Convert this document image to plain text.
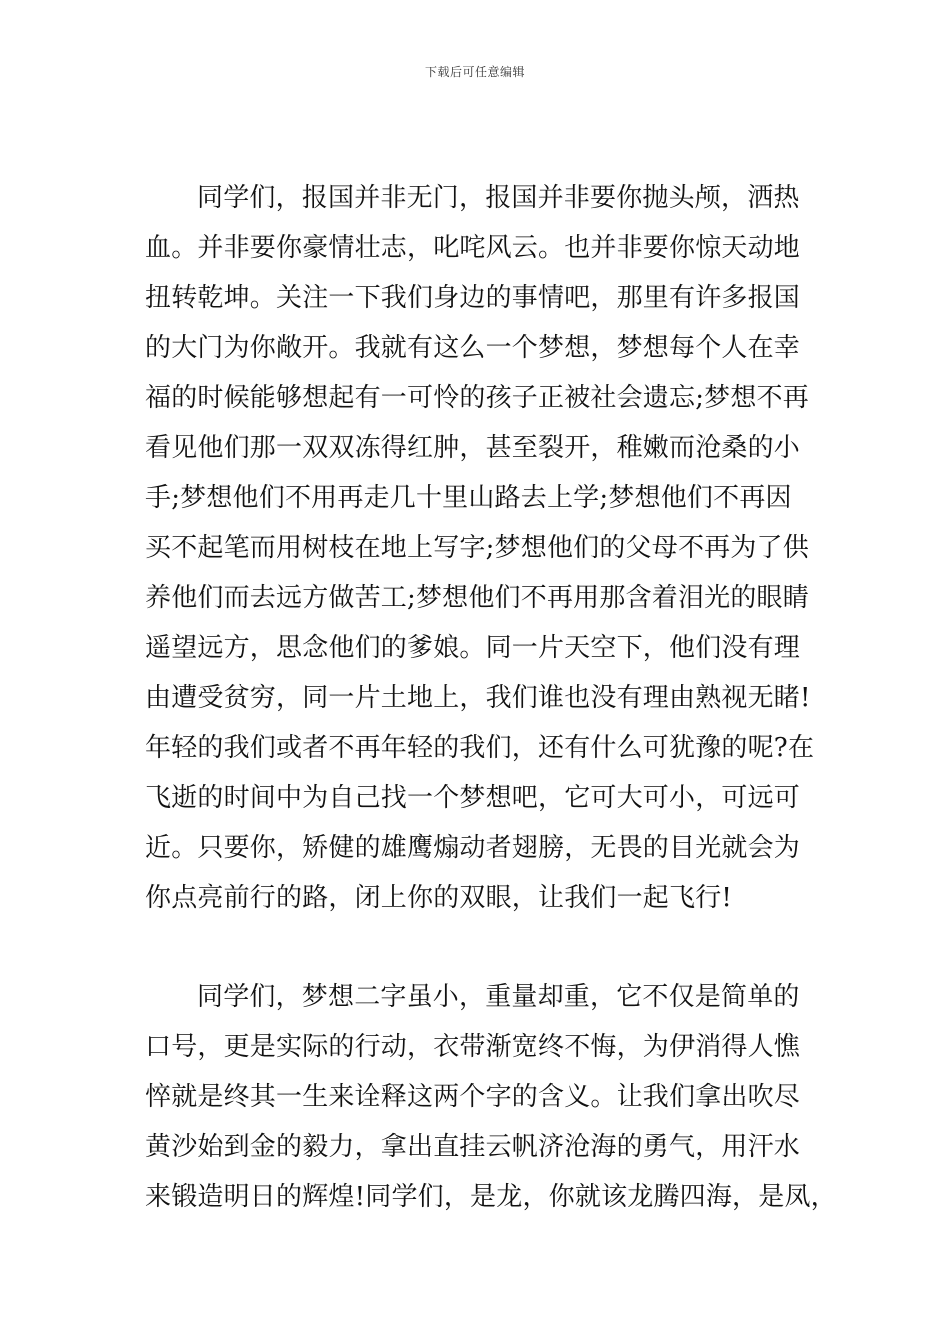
下载后可任意编辑
同学们，报国并非无门，报国并非要你抛头颅，洒热
血。并非要你豪情壮志，叱咤风云。也并非要你惊天动地
扭转乾坤。关注一下我们身边的事情吧，那里有许多报国
的大门为你敞开。我就有这么一个梦想，梦想每个人在幸
福的时候能够想起有一可怜的孩子正被社会遗忘;梦想不再
看见他们那一双双冻得红肿，甚至裂开，稚嫩而沧桑的小
手;梦想他们不用再走几十里山路去上学;梦想他们不再因
买不起笔而用树枝在地上写字;梦想他们的父母不再为了供
养他们而去远方做苦工;梦想他们不再用那含着泪光的眼睛
遥望远方，思念他们的爹娘。同一片天空下，他们没有理
由遭受贫穷，同一片土地上，我们谁也没有理由熟视无睹!
年轻的我们或者不再年轻的我们，还有什么可犹豫的呢?在
飞逝的时间中为自己找一个梦想吧，它可大可小，可远可
近。只要你，矫健的雄鹰煽动者翅膀，无畏的目光就会为
你点亮前行的路，闭上你的双眼，让我们一起飞行!
同学们，梦想二字虽小，重量却重，它不仅是简单的
口号，更是实际的行动，衣带渐宽终不悔，为伊消得人憔
悴就是终其一生来诠释这两个字的含义。让我们拿出吹尽
黄沙始到金的毅力，拿出直挂云帆济沧海的勇气，用汗水
来锻造明日的辉煌!同学们，是龙，你就该龙腾四海，是凤，
